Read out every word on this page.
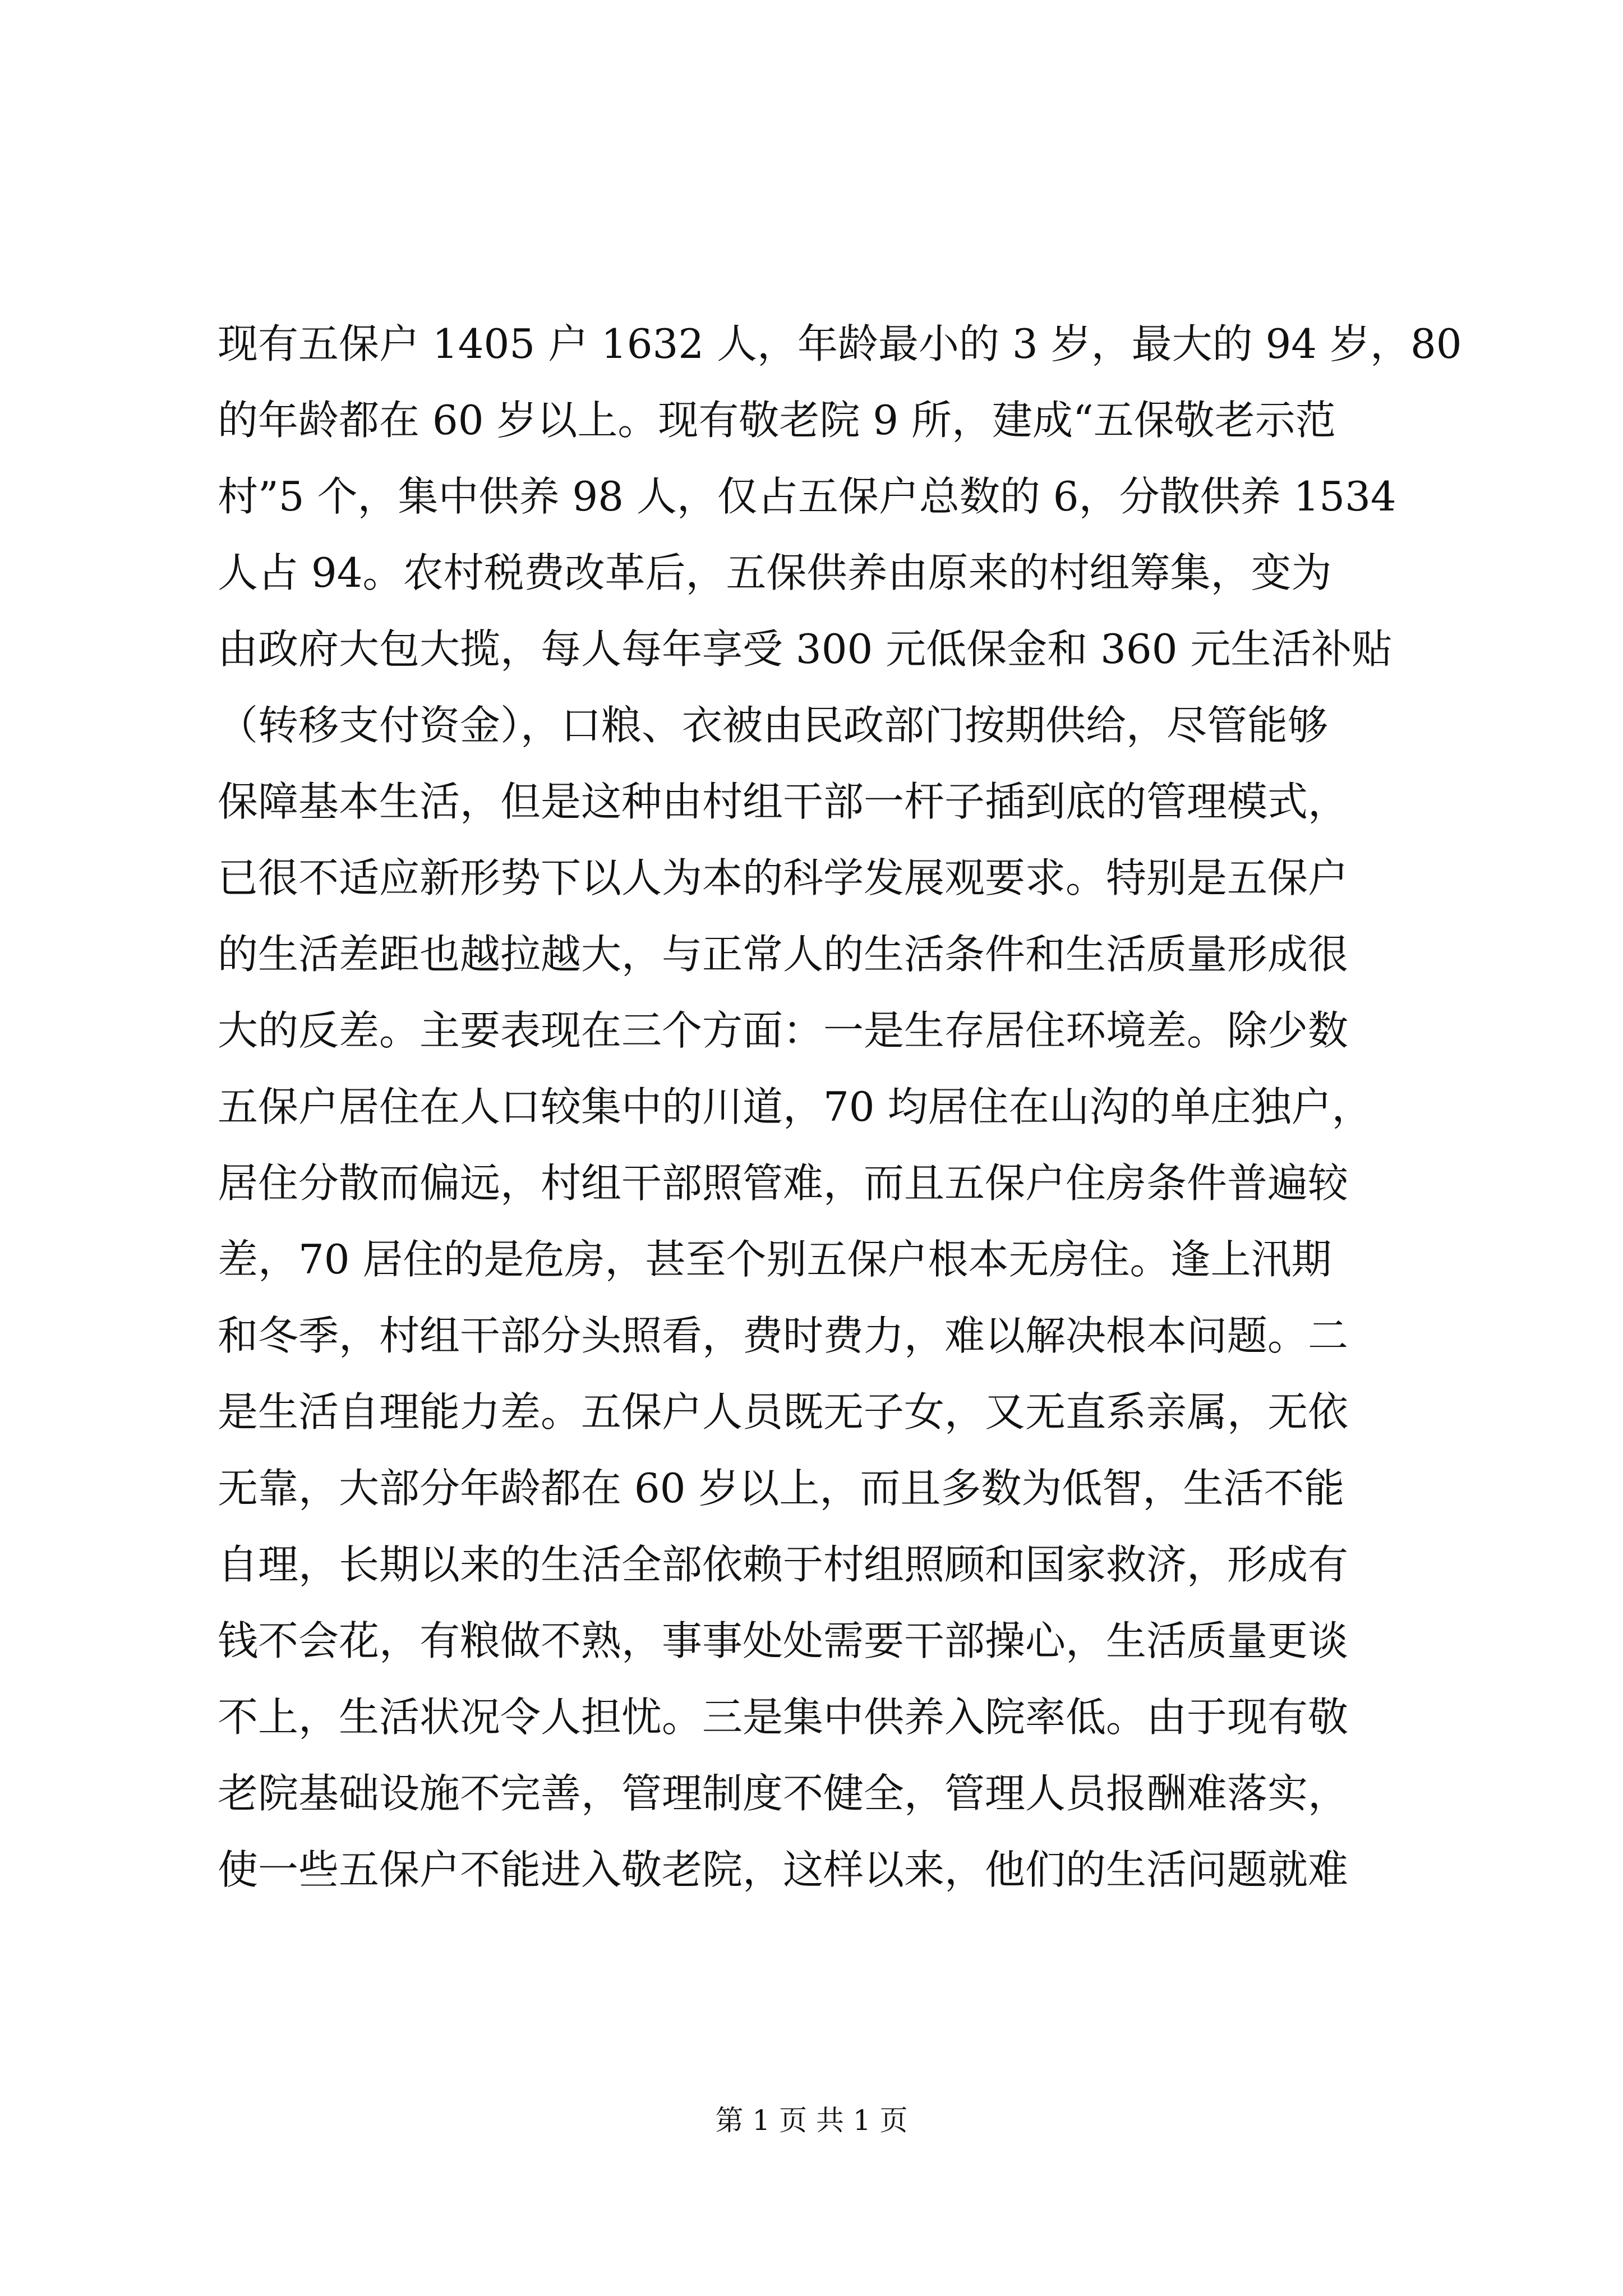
现有五保户 1405 户 1632 人，年龄最小的 3 岁，最大的 94 岁，80
的年龄都在 60 岁以上。现有敬老院 9 所，建成“五保敬老示范
村”5 个，集中供养 98 人，仅占五保户总数的 6，分散供养 1534
人占 94。农村税费改革后，五保供养由原来的村组筹集，变为
由政府大包大揽，每人每年享受 300 元低保金和 360 元生活补贴
（转移支付资金），口粮、衣被由民政部门按期供给，尽管能够
保障基本生活，但是这种由村组干部一杆子插到底的管理模式，
已很不适应新形势下以人为本的科学发展观要求。特别是五保户
的生活差距也越拉越大，与正常人的生活条件和生活质量形成很
大的反差。主要表现在三个方面：一是生存居住环境差。除少数
五保户居住在人口较集中的川道，70 均居住在山沟的单庄独户，
居住分散而偏远，村组干部照管难，而且五保户住房条件普遍较
差，70 居住的是危房，甚至个别五保户根本无房住。逢上汛期
和冬季，村组干部分头照看，费时费力，难以解决根本问题。二
是生活自理能力差。五保户人员既无子女，又无直系亲属，无依
无靠，大部分年龄都在 60 岁以上，而且多数为低智，生活不能
自理，长期以来的生活全部依赖于村组照顾和国家救济，形成有
钱不会花，有粮做不熟，事事处处需要干部操心，生活质量更谈
不上，生活状况令人担忧。三是集中供养入院率低。由于现有敬
老院基础设施不完善，管理制度不健全，管理人员报酬难落实，
使一些五保户不能进入敬老院，这样以来，他们的生活问题就难
第 1 页 共 1 页
